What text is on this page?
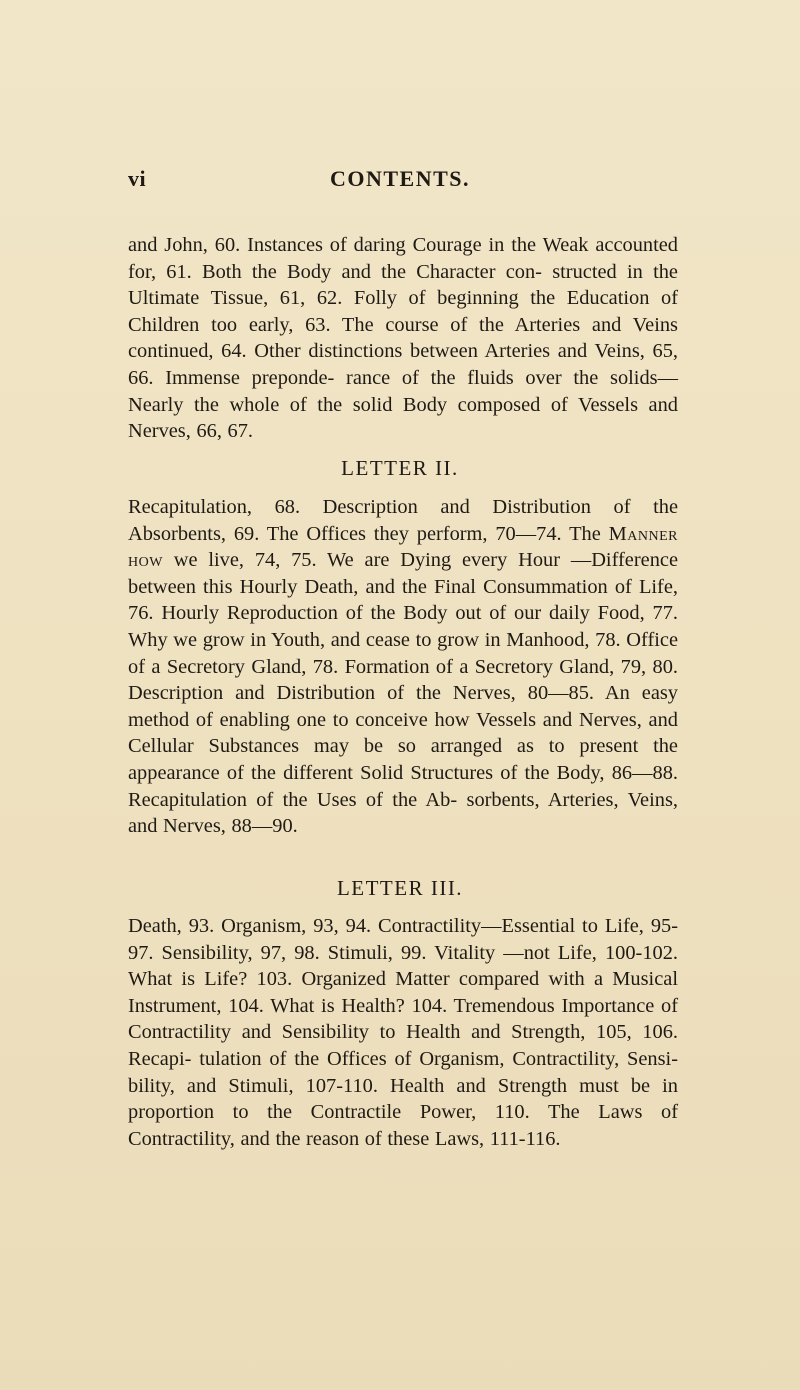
vi	CONTENTS.

and John, 60. Instances of daring Courage in the Weak accounted for, 61. Both the Body and the Character con- structed in the Ultimate Tissue, 61, 62. Folly of beginning the Education of Children too early, 63. The course of the Arteries and Veins continued, 64. Other distinctions between Arteries and Veins, 65, 66. Immense preponde- rance of the fluids over the solids—Nearly the whole of the solid Body composed of Vessels and Nerves, 66, 67.

LETTER II.

Recapitulation, 68. Description and Distribution of the Absorbents, 69. The Offices they perform, 70—74. The Manner how we live, 74, 75. We are Dying every Hour —Difference between this Hourly Death, and the Final Consummation of Life, 76. Hourly Reproduction of the Body out of our daily Food, 77. Why we grow in Youth, and cease to grow in Manhood, 78. Office of a Secretory Gland, 78. Formation of a Secretory Gland, 79, 80. Description and Distribution of the Nerves, 80—85. An easy method of enabling one to conceive how Vessels and Nerves, and Cellular Substances may be so arranged as to present the appearance of the different Solid Structures of the Body, 86—88. Recapitulation of the Uses of the Ab- sorbents, Arteries, Veins, and Nerves, 88—90.

LETTER III.

Death, 93. Organism, 93, 94. Contractility—Essential to Life, 95-97. Sensibility, 97, 98. Stimuli, 99. Vitality —not Life, 100-102. What is Life? 103. Organized Matter compared with a Musical Instrument, 104. What is Health? 104. Tremendous Importance of Contractility and Sensibility to Health and Strength, 105, 106. Recapi- tulation of the Offices of Organism, Contractility, Sensi- bility, and Stimuli, 107-110. Health and Strength must be in proportion to the Contractile Power, 110. The Laws of Contractility, and the reason of these Laws, 111-116.
